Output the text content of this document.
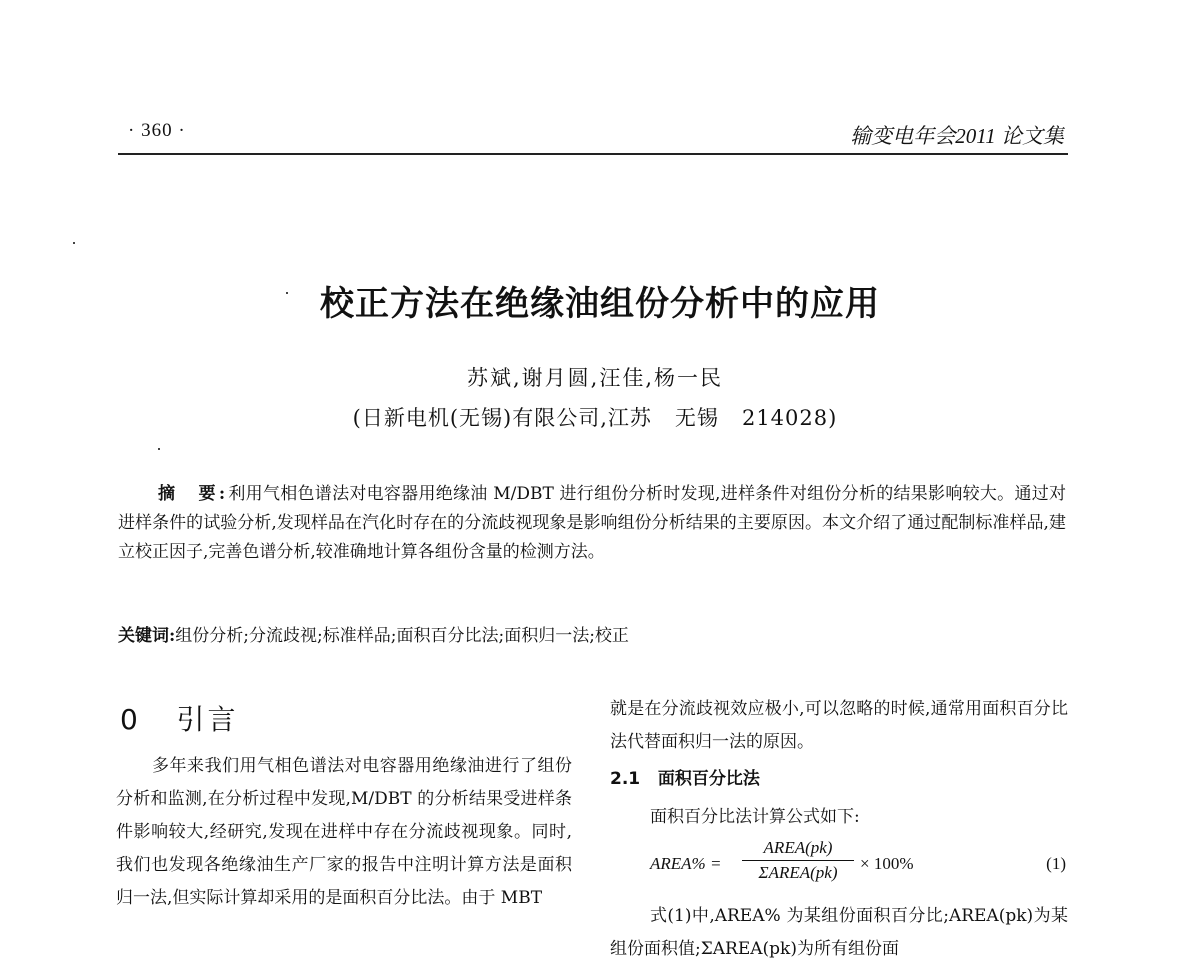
· 360 ·	输变电年会2011 论文集
校正方法在绝缘油组份分析中的应用
苏斌,谢月圆,汪佳,杨一民
(日新电机(无锡)有限公司,江苏   无锡   214028)
摘　要:利用气相色谱法对电容器用绝缘油 M/DBT 进行组份分析时发现,进样条件对组份分析的结果影响较大。通过对进样条件的试验分析,发现样品在汽化时存在的分流歧视现象是影响组份分析结果的主要原因。本文介绍了通过配制标准样品,建立校正因子,完善色谱分析,较准确地计算各组份含量的检测方法。
关键词:组份分析;分流歧视;标准样品;面积百分比法;面积归一法;校正
0 引言
多年来我们用气相色谱法对电容器用绝缘油进行了组份分析和监测,在分析过程中发现,M/DBT 的分析结果受进样条件影响较大,经研究,发现在进样中存在分流歧视现象。同时,我们也发现各绝缘油生产厂家的报告中注明计算方法是面积归一法,但实际计算却采用的是面积百分比法。由于 MBT
就是在分流歧视效应极小,可以忽略的时候,通常用面积百分比法代替面积归一法的原因。
2.1 面积百分比法
面积百分比法计算公式如下:
AREA% =
AREA(pk)
ΣAREA(pk) × 100%	(1)
式(1)中,AREA% 为某组份面积百分比;AREA(pk)为某组份面积值;ΣAREA(pk)为所有组份面
